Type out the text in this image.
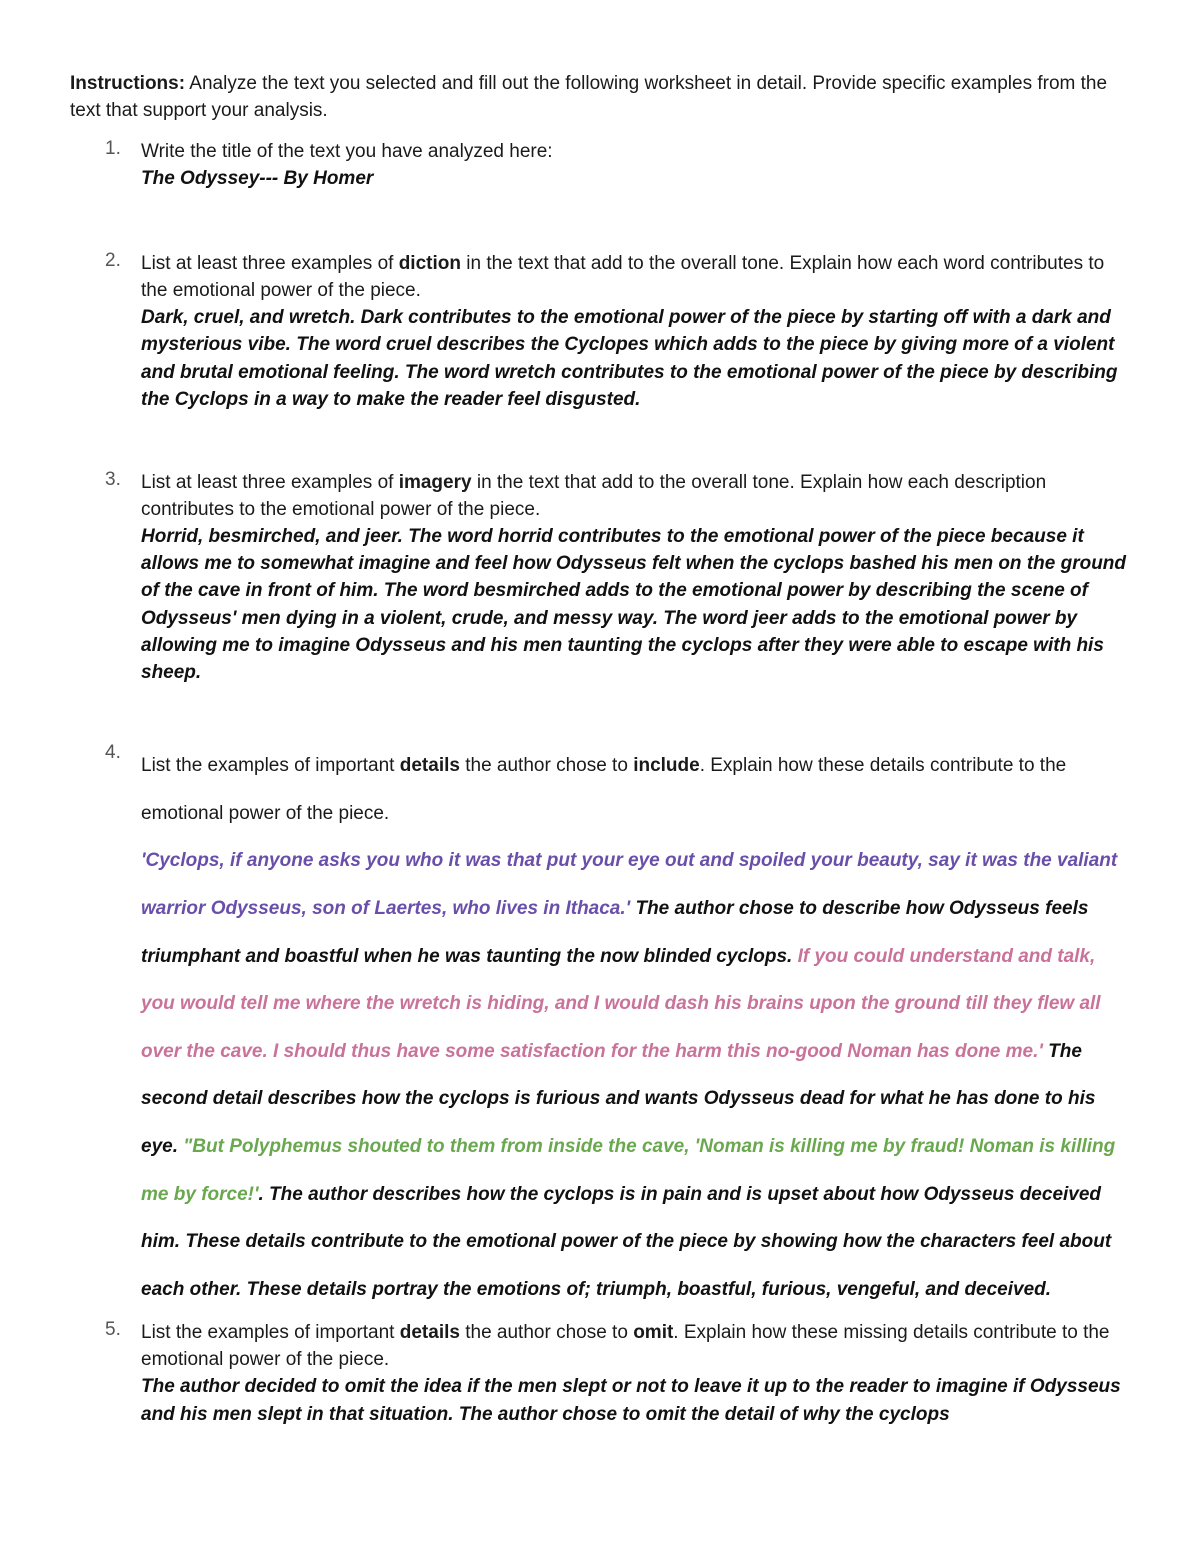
Instructions: Analyze the text you selected and fill out the following worksheet in detail. Provide specific examples from the text that support your analysis.

1. Write the title of the text you have analyzed here:
The Odyssey--- By Homer
2. List at least three examples of diction in the text that add to the overall tone. Explain how each word contributes to the emotional power of the piece.
Dark, cruel, and wretch. Dark contributes to the emotional power of the piece by starting off with a dark and mysterious vibe. The word cruel describes the Cyclopes which adds to the piece by giving more of a violent and brutal emotional feeling. The word wretch contributes to the emotional power of the piece by describing the Cyclops in a way to make the reader feel disgusted.
3. List at least three examples of imagery in the text that add to the overall tone. Explain how each description contributes to the emotional power of the piece.
Horrid, besmirched, and jeer. The word horrid contributes to the emotional power of the piece because it allows me to somewhat imagine and feel how Odysseus felt when the cyclops bashed his men on the ground of the cave in front of him. The word besmirched adds to the emotional power by describing the scene of Odysseus' men dying in a violent, crude, and messy way. The word jeer adds to the emotional power by allowing me to imagine Odysseus and his men taunting the cyclops after they were able to escape with his sheep.
4.
List the examples of important details the author chose to include. Explain how these details contribute to the emotional power of the piece.
'Cyclops, if anyone asks you who it was that put your eye out and spoiled your beauty, say it was the valiant warrior Odysseus, son of Laertes, who lives in Ithaca.' The author chose to describe how Odysseus feels triumphant and boastful when he was taunting the now blinded cyclops. If you could understand and talk, you would tell me where the wretch is hiding, and I would dash his brains upon the ground till they flew all over the cave. I should thus have some satisfaction for the harm this no-good Noman has done me.' The second detail describes how the cyclops is furious and wants Odysseus dead for what he has done to his eye. "But Polyphemus shouted to them from inside the cave, 'Noman is killing me by fraud! Noman is killing me by force!'. The author describes how the cyclops is in pain and is upset about how Odysseus deceived him. These details contribute to the emotional power of the piece by showing how the characters feel about each other. These details portray the emotions of; triumph, boastful, furious, vengeful, and deceived.
5. List the examples of important details the author chose to omit. Explain how these missing details contribute to the emotional power of the piece.
The author decided to omit the idea if the men slept or not to leave it up to the reader to imagine if Odysseus and his men slept in that situation. The author chose to omit the detail of why the cyclops
